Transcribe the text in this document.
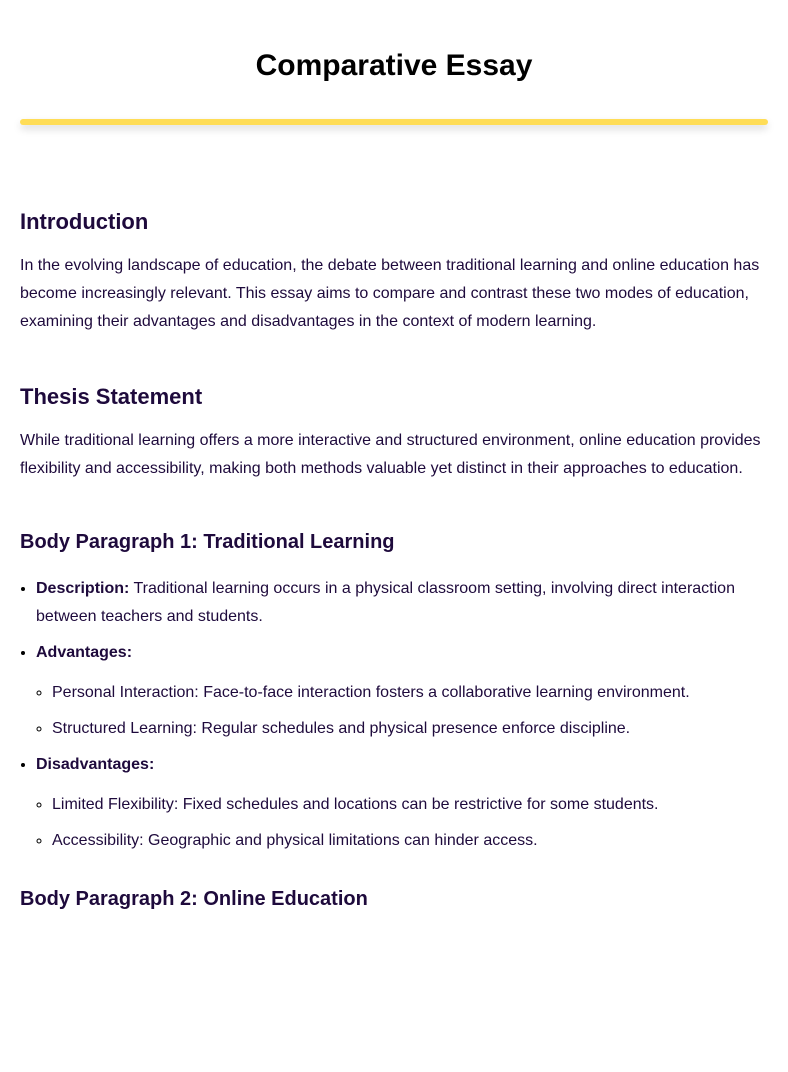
Comparative Essay
Introduction

In the evolving landscape of education, the debate between traditional learning and online education has become increasingly relevant. This essay aims to compare and contrast these two modes of education, examining their advantages and disadvantages in the context of modern learning.

Thesis Statement

While traditional learning offers a more interactive and structured environment, online education provides flexibility and accessibility, making both methods valuable yet distinct in their approaches to education.

Body Paragraph 1: Traditional Learning
• Description: Traditional learning occurs in a physical classroom setting, involving direct interaction between teachers and students.
• Advantages:
◦ Personal Interaction: Face-to-face interaction fosters a collaborative learning environment.
◦ Structured Learning: Regular schedules and physical presence enforce discipline.
• Disadvantages:
◦ Limited Flexibility: Fixed schedules and locations can be restrictive for some students.
◦ Accessibility: Geographic and physical limitations can hinder access.
Body Paragraph 2: Online Education
